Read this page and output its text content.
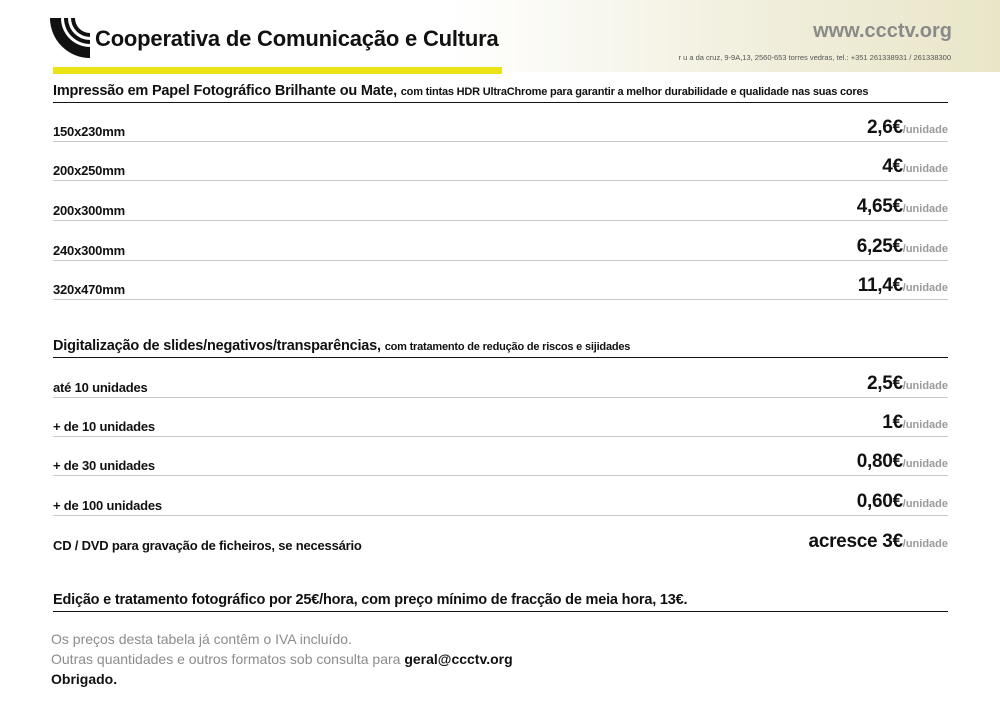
Cooperativa de Comunicação e Cultura	www.ccctv.org
r u a da cruz, 9-9A,13, 2560-653 torres vedras, tel.: +351 261338931 / 261338300
Impressão em Papel Fotográfico Brilhante ou Mate, com tintas HDR UltraChrome para garantir a melhor durabilidade e qualidade nas suas cores
150x230mm	2,6€/unidade
200x250mm	4€/unidade
200x300mm	4,65€/unidade
240x300mm	6,25€/unidade
320x470mm	11,4€/unidade
Digitalização de slides/negativos/transparências, com tratamento de redução de riscos e sijidades
até 10 unidades	2,5€/unidade
+ de 10 unidades	1€/unidade
+ de 30 unidades	0,80€/unidade
+ de 100 unidades	0,60€/unidade
CD / DVD para gravação de ficheiros, se necessário	acresce 3€/unidade
Edição e tratamento fotográfico por 25€/hora, com preço mínimo de fracção de meia hora, 13€.
Os preços desta tabela já contêm o IVA incluído.
Outras quantidades e outros formatos sob consulta para geral@ccctv.org
Obrigado.
